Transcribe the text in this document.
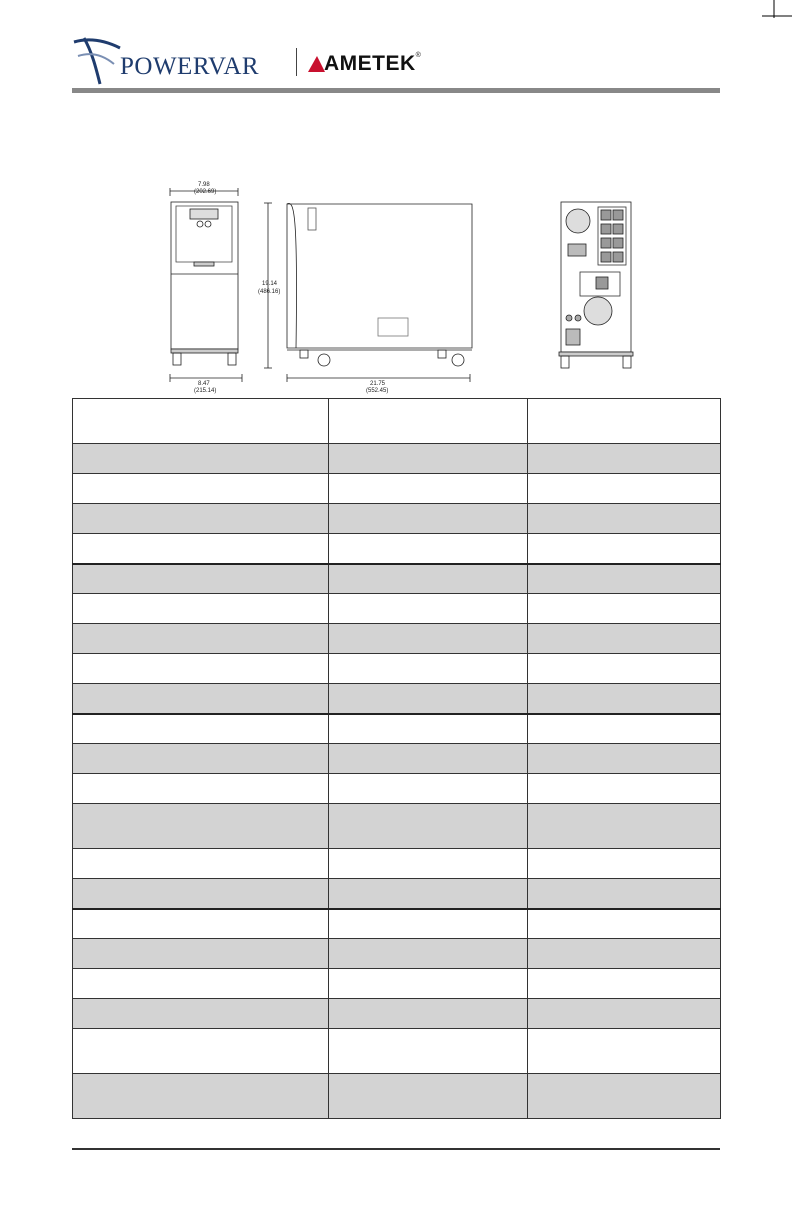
POWERVAR	AMETEK®
7.98
(202.69)
8.47
(215.14)
19.14
(486.16)
21.75
(552.45)
